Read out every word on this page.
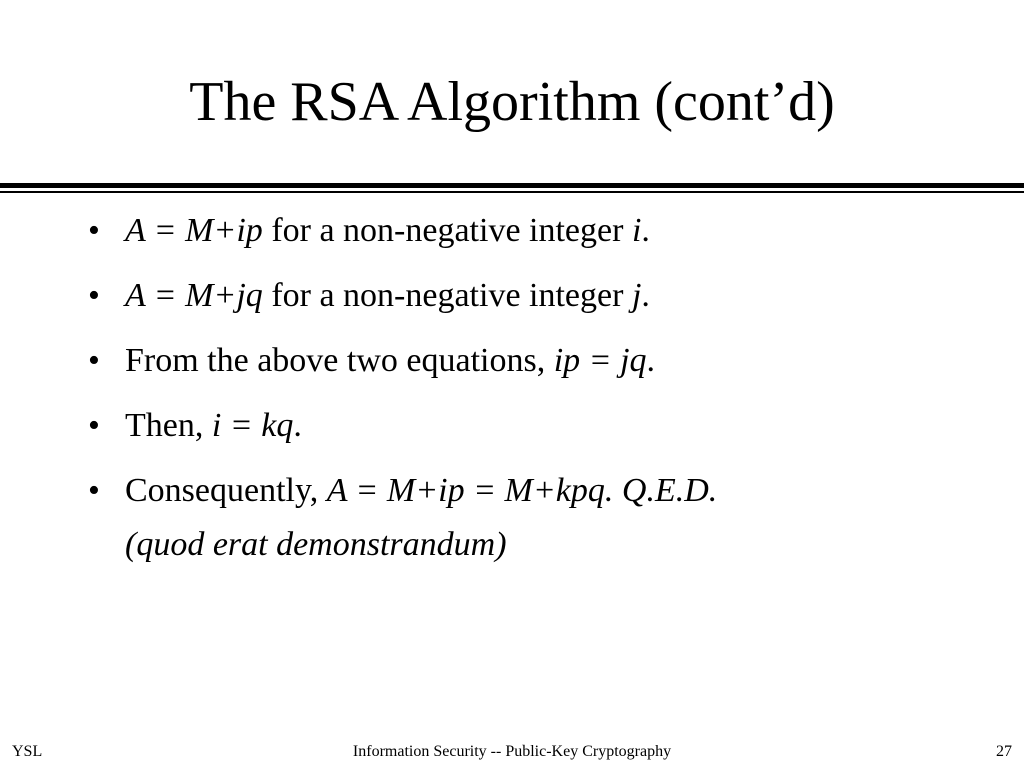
The RSA Algorithm (cont’d)
• A = M+ip for a non-negative integer i.
• A = M+jq for a non-negative integer j.
• From the above two equations, ip = jq.
• Then, i = kq.
• Consequently, A = M+ip = M+kpq. Q.E.D.
(quod erat demonstrandum)
YSL	Information Security -- Public-Key Cryptography	27
